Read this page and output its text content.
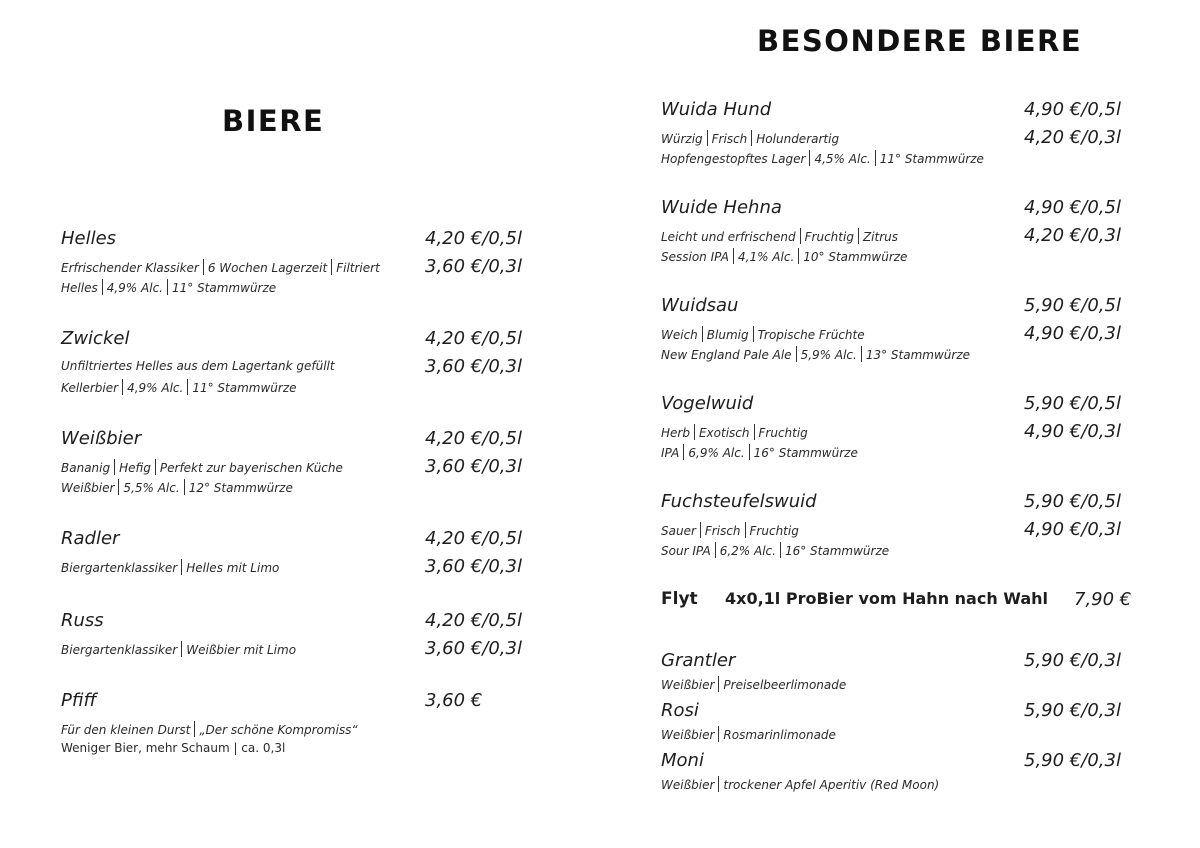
BIERE
BESONDERE BIERE
Helles	4,20 €/0,5l
3,60 €/0,3l
Erfrischender Klassiker 6 Wochen Lagerzeit Filtriert
Helles 4,9% Alc. 11° Stammwürze
Zwickel	4,20 €/0,5l
3,60 €/0,3l
Unfiltriertes Helles aus dem Lagertank gefüllt
Kellerbier 4,9% Alc. 11° Stammwürze
Weißbier	4,20 €/0,5l
3,60 €/0,3l
Bananig Hefig Perfekt zur bayerischen Küche
Weißbier 5,5% Alc. 12° Stammwürze
Radler	4,20 €/0,5l
3,60 €/0,3l
Biergartenklassiker Helles mit Limo
Russ	4,20 €/0,5l
3,60 €/0,3l
Biergartenklassiker Weißbier mit Limo
Pfiff	3,60 €
Für den kleinen Durst „Der schöne Kompromiss“
Weniger Bier, mehr Schaum | ca. 0,3l
Wuida Hund	4,90 €/0,5l
4,20 €/0,3l
Würzig Frisch Holunderartig
Hopfengestopftes Lager 4,5% Alc. 11° Stammwürze
Wuide Hehna	4,90 €/0,5l
4,20 €/0,3l
Leicht und erfrischend Fruchtig Zitrus
Session IPA 4,1% Alc. 10° Stammwürze
Wuidsau	5,90 €/0,5l
4,90 €/0,3l
Weich Blumig Tropische Früchte
New England Pale Ale 5,9% Alc. 13° Stammwürze
Vogelwuid	5,90 €/0,5l
4,90 €/0,3l
Herb Exotisch Fruchtig
IPA 6,9% Alc. 16° Stammwürze
Fuchsteufelswuid	5,90 €/0,5l
4,90 €/0,3l
Sauer Frisch Fruchtig
Sour IPA 6,2% Alc. 16° Stammwürze
Grantler	5,90 €/0,3l
Weißbier Preiselbeerlimonade
Rosi	5,90 €/0,3l
Weißbier Rosmarinlimonade
Moni	5,90 €/0,3l
Weißbier trockener Apfel Aperitiv (Red Moon)
Flyt 4x0,1l ProBier vom Hahn nach Wahl 7,90 €
